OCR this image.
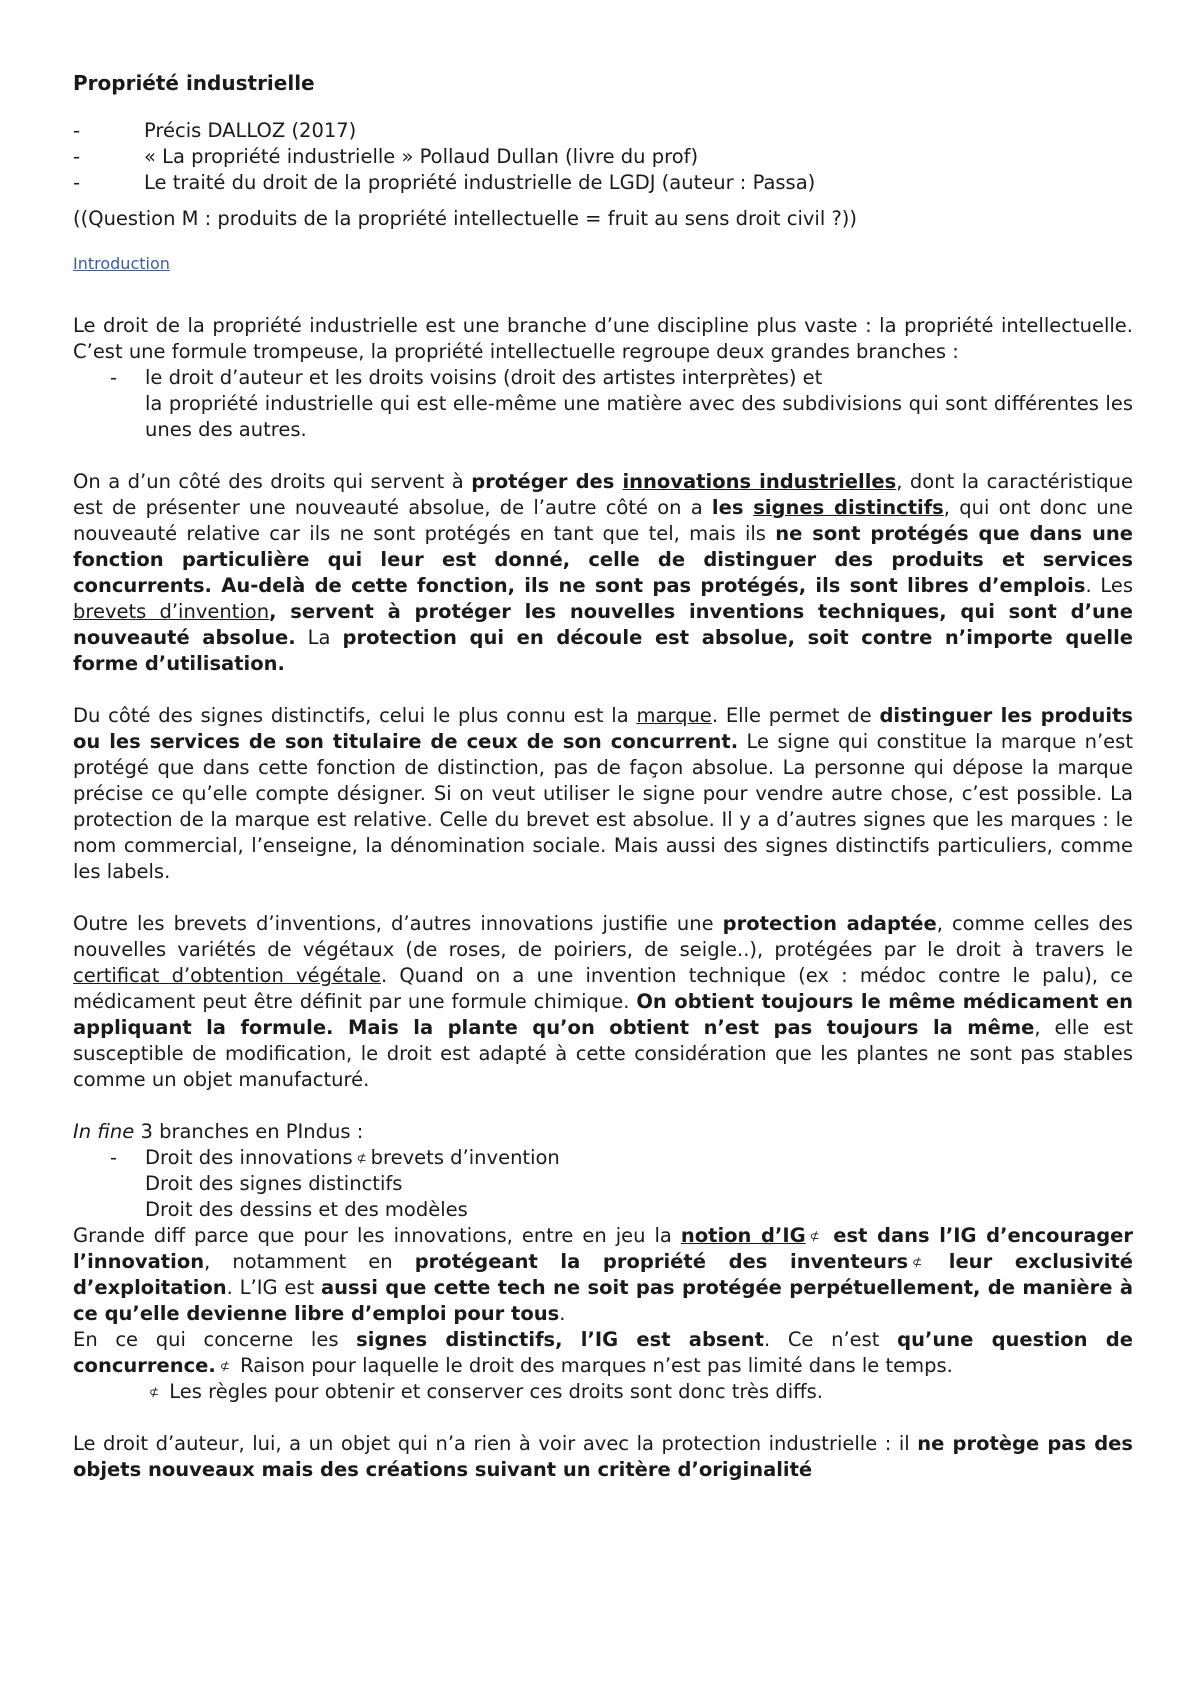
Propriété industrielle
-	Précis DALLOZ (2017)
-	« La propriété industrielle » Pollaud Dullan (livre du prof)
-	Le traité du droit de la propriété industrielle de LGDJ (auteur : Passa)
((Question M : produits de la propriété intellectuelle = fruit au sens droit civil ?))
Introduction

Le droit de la propriété industrielle est une branche d’une discipline plus vaste : la propriété intellectuelle. C’est une formule trompeuse, la propriété intellectuelle regroupe deux grandes branches :

- le droit d’auteur et les droits voisins (droit des artistes interprètes) et
la propriété industrielle qui est elle-même une matière avec des subdivisions qui sont différentes les unes des autres.

On a d’un côté des droits qui servent à protéger des innovations industrielles, dont la caractéristique est de présenter une nouveauté absolue, de l’autre côté on a les signes distinctifs, qui ont donc une nouveauté relative car ils ne sont protégés en tant que tel, mais ils ne sont protégés que dans une fonction particulière qui leur est donné, celle de distinguer des produits et services concurrents. Au-delà de cette fonction, ils ne sont pas protégés, ils sont libres d’emplois. Les brevets d’invention, servent à protéger les nouvelles inventions techniques, qui sont d’une nouveauté absolue. La protection qui en découle est absolue, soit contre n’importe quelle forme d’utilisation.

Du côté des signes distinctifs, celui le plus connu est la marque. Elle permet de distinguer les produits ou les services de son titulaire de ceux de son concurrent. Le signe qui constitue la marque n’est protégé que dans cette fonction de distinction, pas de façon absolue. La personne qui dépose la marque précise ce qu’elle compte désigner. Si on veut utiliser le signe pour vendre autre chose, c’est possible. La protection de la marque est relative. Celle du brevet est absolue. Il y a d’autres signes que les marques : le nom commercial, l’enseigne, la dénomination sociale. Mais aussi des signes distinctifs particuliers, comme les labels.

Outre les brevets d’inventions, d’autres innovations justifie une protection adaptée, comme celles des nouvelles variétés de végétaux (de roses, de poiriers, de seigle..), protégées par le droit à travers le certificat d’obtention végétale. Quand on a une invention technique (ex : médoc contre le palu), ce médicament peut être définit par une formule chimique. On obtient toujours le même médicament en appliquant la formule. Mais la plante qu’on obtient n’est pas toujours la même, elle est susceptible de modification, le droit est adapté à cette considération que les plantes ne sont pas stables comme un objet manufacturé.

In fine 3 branches en PIndus :

- Droit des innovations ⊄ brevets d’invention
Droit des signes distinctifs
Droit des dessins et des modèles

Grande diff parce que pour les innovations, entre en jeu la notion d’IG ⊄ est dans l’IG d’encourager l’innovation, notamment en protégeant la propriété des inventeurs ⊄ leur exclusivité d’exploitation. L’IG est aussi que cette tech ne soit pas protégée perpétuellement, de manière à ce qu’elle devienne libre d’emploi pour tous.

En ce qui concerne les signes distinctifs, l’IG est absent. Ce n’est qu’une question de concurrence. ⊄ Raison pour laquelle le droit des marques n’est pas limité dans le temps.

⊄ Les règles pour obtenir et conserver ces droits sont donc très diffs.

Le droit d’auteur, lui, a un objet qui n’a rien à voir avec la protection industrielle : il ne protège pas des objets nouveaux mais des créations suivant un critère d’originalité
